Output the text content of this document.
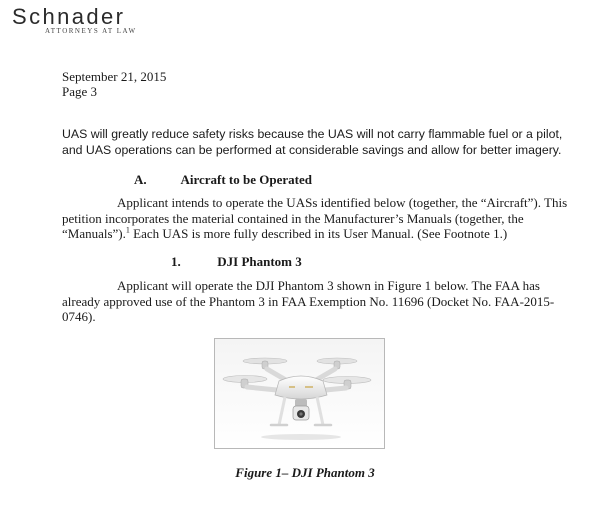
Schnader
ATTORNEYS AT LAW
September 21, 2015
Page 3
UAS will greatly reduce safety risks because the UAS will not carry flammable fuel or a pilot,
and UAS operations can be performed at considerable savings and allow for better imagery.
A.	Aircraft to be Operated
Applicant intends to operate the UASs identified below (together, the “Aircraft”). This
petition incorporates the material contained in the Manufacturer’s Manuals (together, the
“Manuals”).$^1$ Each UAS is more fully described in its User Manual. (See Footnote 1.)
1.	DJI Phantom 3
Applicant will operate the DJI Phantom 3 shown in Figure 1 below. The FAA has
already approved use of the Phantom 3 in FAA Exemption No. 11696 (Docket No. FAA-2015-
0746).
Figure 1– DJI Phantom 3
